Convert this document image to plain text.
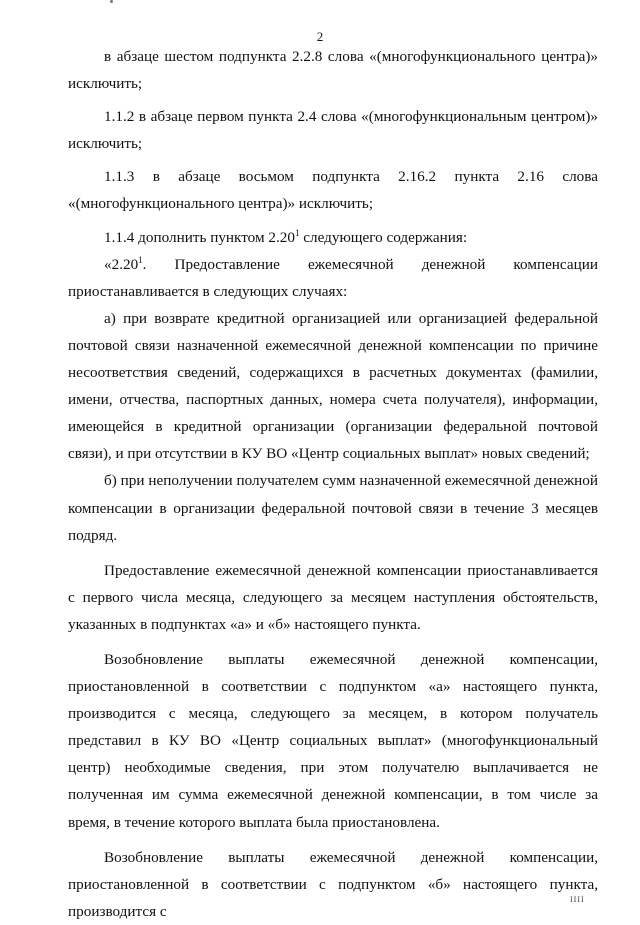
2

в абзаце шестом подпункта 2.2.8 слова «(многофункционального центра)» исключить;

1.1.2 в абзаце первом пункта 2.4 слова «(многофункциональным центром)» исключить;

1.1.3 в абзаце восьмом подпункта 2.16.2 пункта 2.16 слова «(многофункционального центра)» исключить;

1.1.4 дополнить пунктом 2.20$^1$ следующего содержания:

«2.20$^1$. Предоставление ежемесячной денежной компенсации приостанавливается в следующих случаях:

а) при возврате кредитной организацией или организацией федеральной почтовой связи назначенной ежемесячной денежной компенсации по причине несоответствия сведений, содержащихся в расчетных документах (фамилии, имени, отчества, паспортных данных, номера счета получателя), информации, имеющейся в кредитной организации (организации федеральной почтовой связи), и при отсутствии в КУ ВО «Центр социальных выплат» новых сведений;

б) при неполучении получателем сумм назначенной ежемесячной денежной компенсации в организации федеральной почтовой связи в течение 3 месяцев подряд.

Предоставление ежемесячной денежной компенсации приостанавливается с первого числа месяца, следующего за месяцем наступления обстоятельств, указанных в подпунктах «а» и «б» настоящего пункта.

Возобновление выплаты ежемесячной денежной компенсации, приостановленной в соответствии с подпунктом «а» настоящего пункта, производится с месяца, следующего за месяцем, в котором получатель представил в КУ ВО «Центр социальных выплат» (многофункциональный центр) необходимые сведения, при этом получателю выплачивается не полученная им сумма ежемесячной денежной компенсации, в том числе за время, в течение которого выплата была приостановлена.

Возобновление выплаты ежемесячной денежной компенсации, приостановленной в соответствии с подпунктом «б» настоящего пункта, производится с

ІІІІ
